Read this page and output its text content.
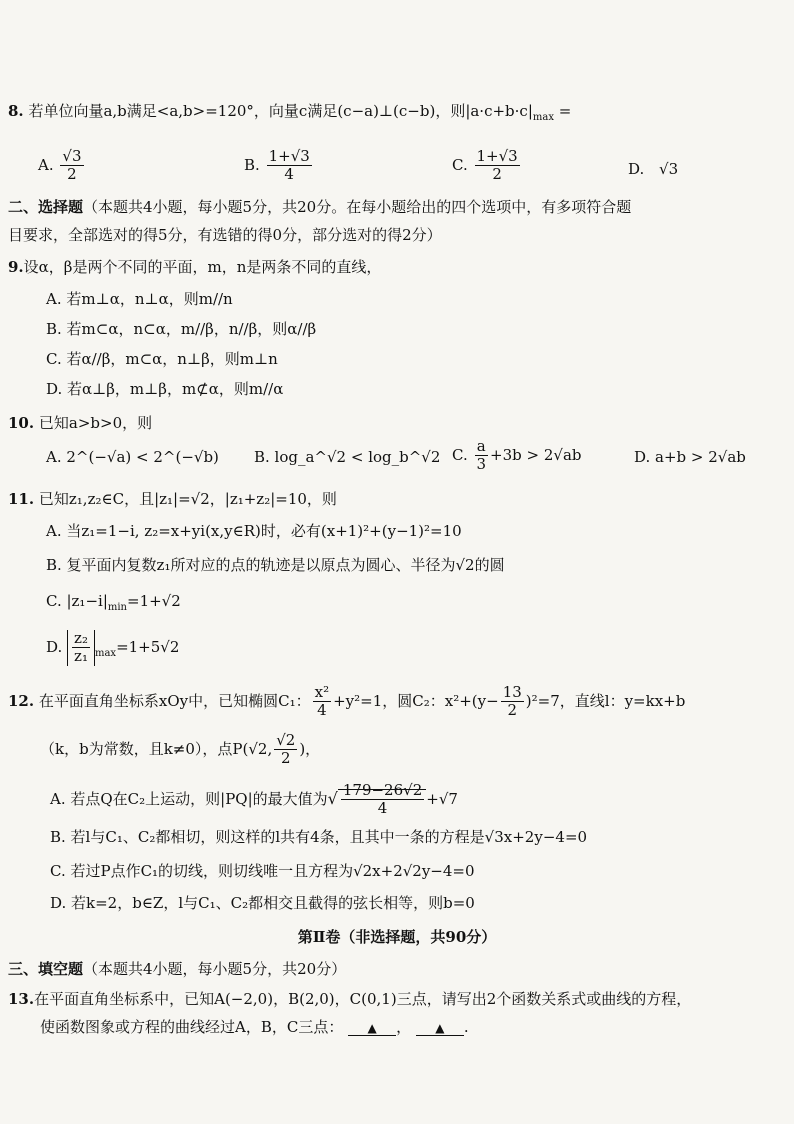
8. 若单位向量a,b满足<a,b>=120°，向量c满足(c−a)⊥(c−b)，则$|a\cdot c+b\cdot c|_{max}$ =
A. $\frac{√3}{2}$	B. $\frac{1+√3}{4}$	C. $\frac{1+√3}{2}$	D. √3
二、选择题（本题共4小题，每小题5分，共20分。在每小题给出的四个选项中，有多项符合题
目要求，全部选对的得5分，有选错的得0分，部分选对的得2分）
9.设α，β是两个不同的平面，m，n是两条不同的直线，
A. 若m⊥α，n⊥α，则m//n
B. 若m⊂α，n⊂α，m//β，n//β，则α//β
C. 若α//β，m⊂α，n⊥β，则m⊥n
D. 若α⊥β，m⊥β，m⊄α，则m//α
10. 已知a>b>0，则
A. 2^(−√a) < 2^(−√b) B. log_a^√2 < log_b^√2 C. $\frac{a}{3} +3b > 2√ab$	D. a+b > 2√ab
11. 已知z₁,z₂∈C，且|z₁|=√2，|z₁+z₂|=10，则
A. 当z₁=1−i, z₂=x+yi(x,y∈R)时，必有(x+1)²+(y−1)²=10
B. 复平面内复数z₁所对应的点的轨迹是以原点为圆心、半径为√2的圆
C. $|z_1-i|_{min}=1+√2$
D. $\frac{\text{z₂}}{\text{z₁}} _{max}=1+5√2$
12. 在平面直角坐标系xOy中，已知椭圆C₁： $\frac{\text{x²}}{4} +y^2=1$，圆C₂：$x^2+(y- \frac{13}{2} )^2=7$，直线l：y=kx+b
（k，b为常数，且k≠0），点P(√2, $\frac{√2}{2}$ )，
A. 若点Q在C₂上运动，则|PQ|的最大值为√ $\frac{179-26√2}{4} +√7$
B. 若l与C₁、C₂都相切，则这样的l共有4条，且其中一条的方程是√3x+2y−4=0
C. 若过P点作C₁的切线，则切线唯一且方程为√2x+2√2y−4=0
D. 若k=2，b∈Z，l与C₁、C₂都相交且截得的弦长相等，则b=0
第Ⅱ卷（非选择题，共90分）
三、填空题（本题共4小题，每小题5分，共20分）
13.在平面直角坐标系中，已知A(−2,0)，B(2,0)，C(0,1)三点，请写出2个函数关系式或曲线的方程，
使函数图象或方程的曲线经过A，B，C三点： ▲ ， ▲ .
